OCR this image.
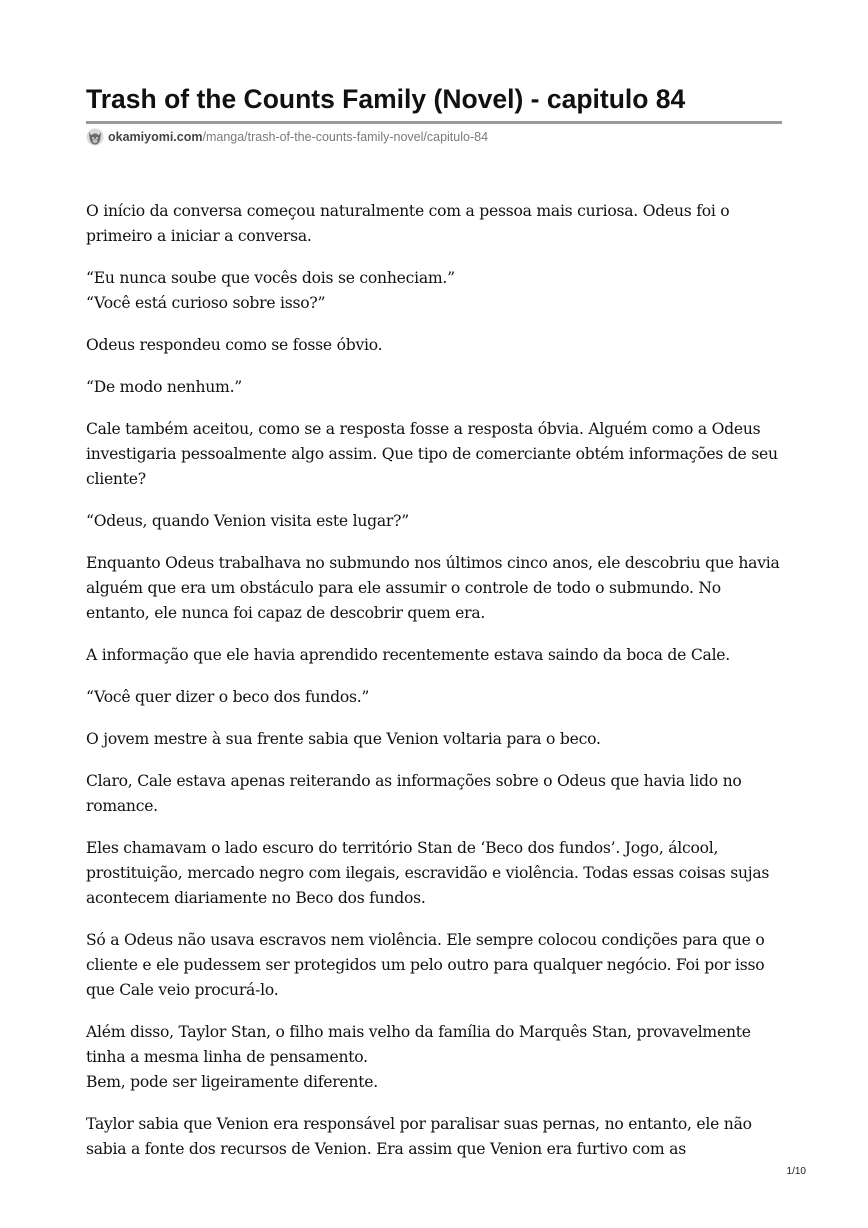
Trash of the Counts Family (Novel) - capitulo 84
okamiyomi.com /manga/trash-of-the-counts-family-novel/capitulo-84

O início da conversa começou naturalmente com a pessoa mais curiosa. Odeus foi o primeiro a iniciar a conversa.

“Eu nunca soube que vocês dois se conheciam.”
“Você está curioso sobre isso?”

Odeus respondeu como se fosse óbvio.

“De modo nenhum.”

Cale também aceitou, como se a resposta fosse a resposta óbvia. Alguém como a Odeus investigaria pessoalmente algo assim. Que tipo de comerciante obtém informações de seu cliente?

“Odeus, quando Venion visita este lugar?”

Enquanto Odeus trabalhava no submundo nos últimos cinco anos, ele descobriu que havia alguém que era um obstáculo para ele assumir o controle de todo o submundo. No entanto, ele nunca foi capaz de descobrir quem era.

A informação que ele havia aprendido recentemente estava saindo da boca de Cale.

“Você quer dizer o beco dos fundos.”

O jovem mestre à sua frente sabia que Venion voltaria para o beco.

Claro, Cale estava apenas reiterando as informações sobre o Odeus que havia lido no romance.

Eles chamavam o lado escuro do território Stan de ‘Beco dos fundos’. Jogo, álcool, prostituição, mercado negro com ilegais, escravidão e violência. Todas essas coisas sujas acontecem diariamente no Beco dos fundos.

Só a Odeus não usava escravos nem violência. Ele sempre colocou condições para que o cliente e ele pudessem ser protegidos um pelo outro para qualquer negócio. Foi por isso que Cale veio procurá-lo.

Além disso, Taylor Stan, o filho mais velho da família do Marquês Stan, provavelmente tinha a mesma linha de pensamento.
Bem, pode ser ligeiramente diferente.

Taylor sabia que Venion era responsável por paralisar suas pernas, no entanto, ele não sabia a fonte dos recursos de Venion. Era assim que Venion era furtivo com as

1/10
